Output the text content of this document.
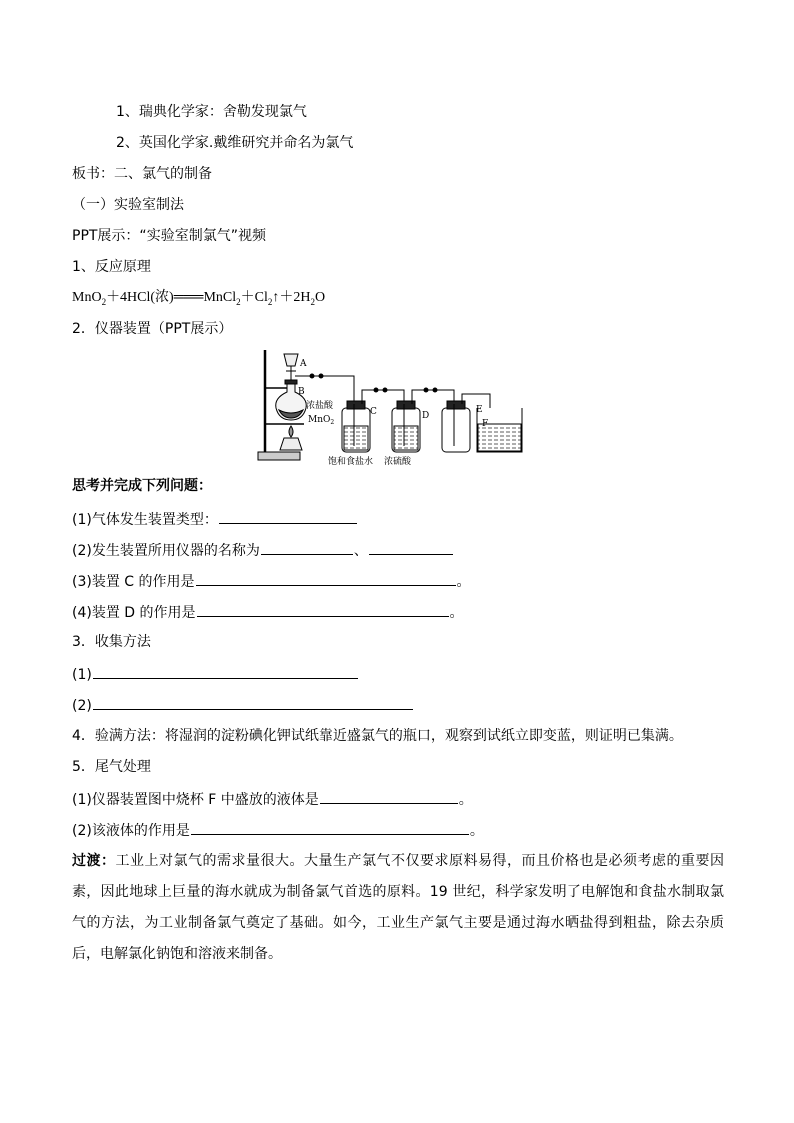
1、瑞典化学家：舍勒发现氯气
2、英国化学家.戴维研究并命名为氯气
板书：二、氯气的制备
（一）实验室制法
PPT展示：“实验室制氯气”视频
1、反应原理
MnO$_2$＋4HCl(浓)$═══MnCl_2+Cl_2↑+2H_2O$
2．仪器装置（PPT展示）
A
B
浓盐酸
MnO$_2$
C	D
E
F
饱和食盐水 浓硫酸
思考并完成下列问题：
(1)气体发生装置类型：
(2)发生装置所用仪器的名称为	、
(3)装置 C 的作用是	。
(4)装置 D 的作用是	。
3．收集方法
(1)
(2)
4．验满方法：将湿润的淀粉碘化钾试纸靠近盛氯气的瓶口，观察到试纸立即变蓝，则证明已集满。
5．尾气处理
(1)仪器装置图中烧杯 F 中盛放的液体是	。
(2)该液体的作用是	。
过渡：工业上对氯气的需求量很大。大量生产氯气不仅要求原料易得，而且价格也是必须考虑的重要因素，因此地球上巨量的海水就成为制备氯气首选的原料。19 世纪，科学家发明了电解饱和食盐水制取氯气的方法，为工业制备氯气奠定了基础。如今，工业生产氯气主要是通过海水晒盐得到粗盐，除去杂质后，电解氯化钠饱和溶液来制备。
